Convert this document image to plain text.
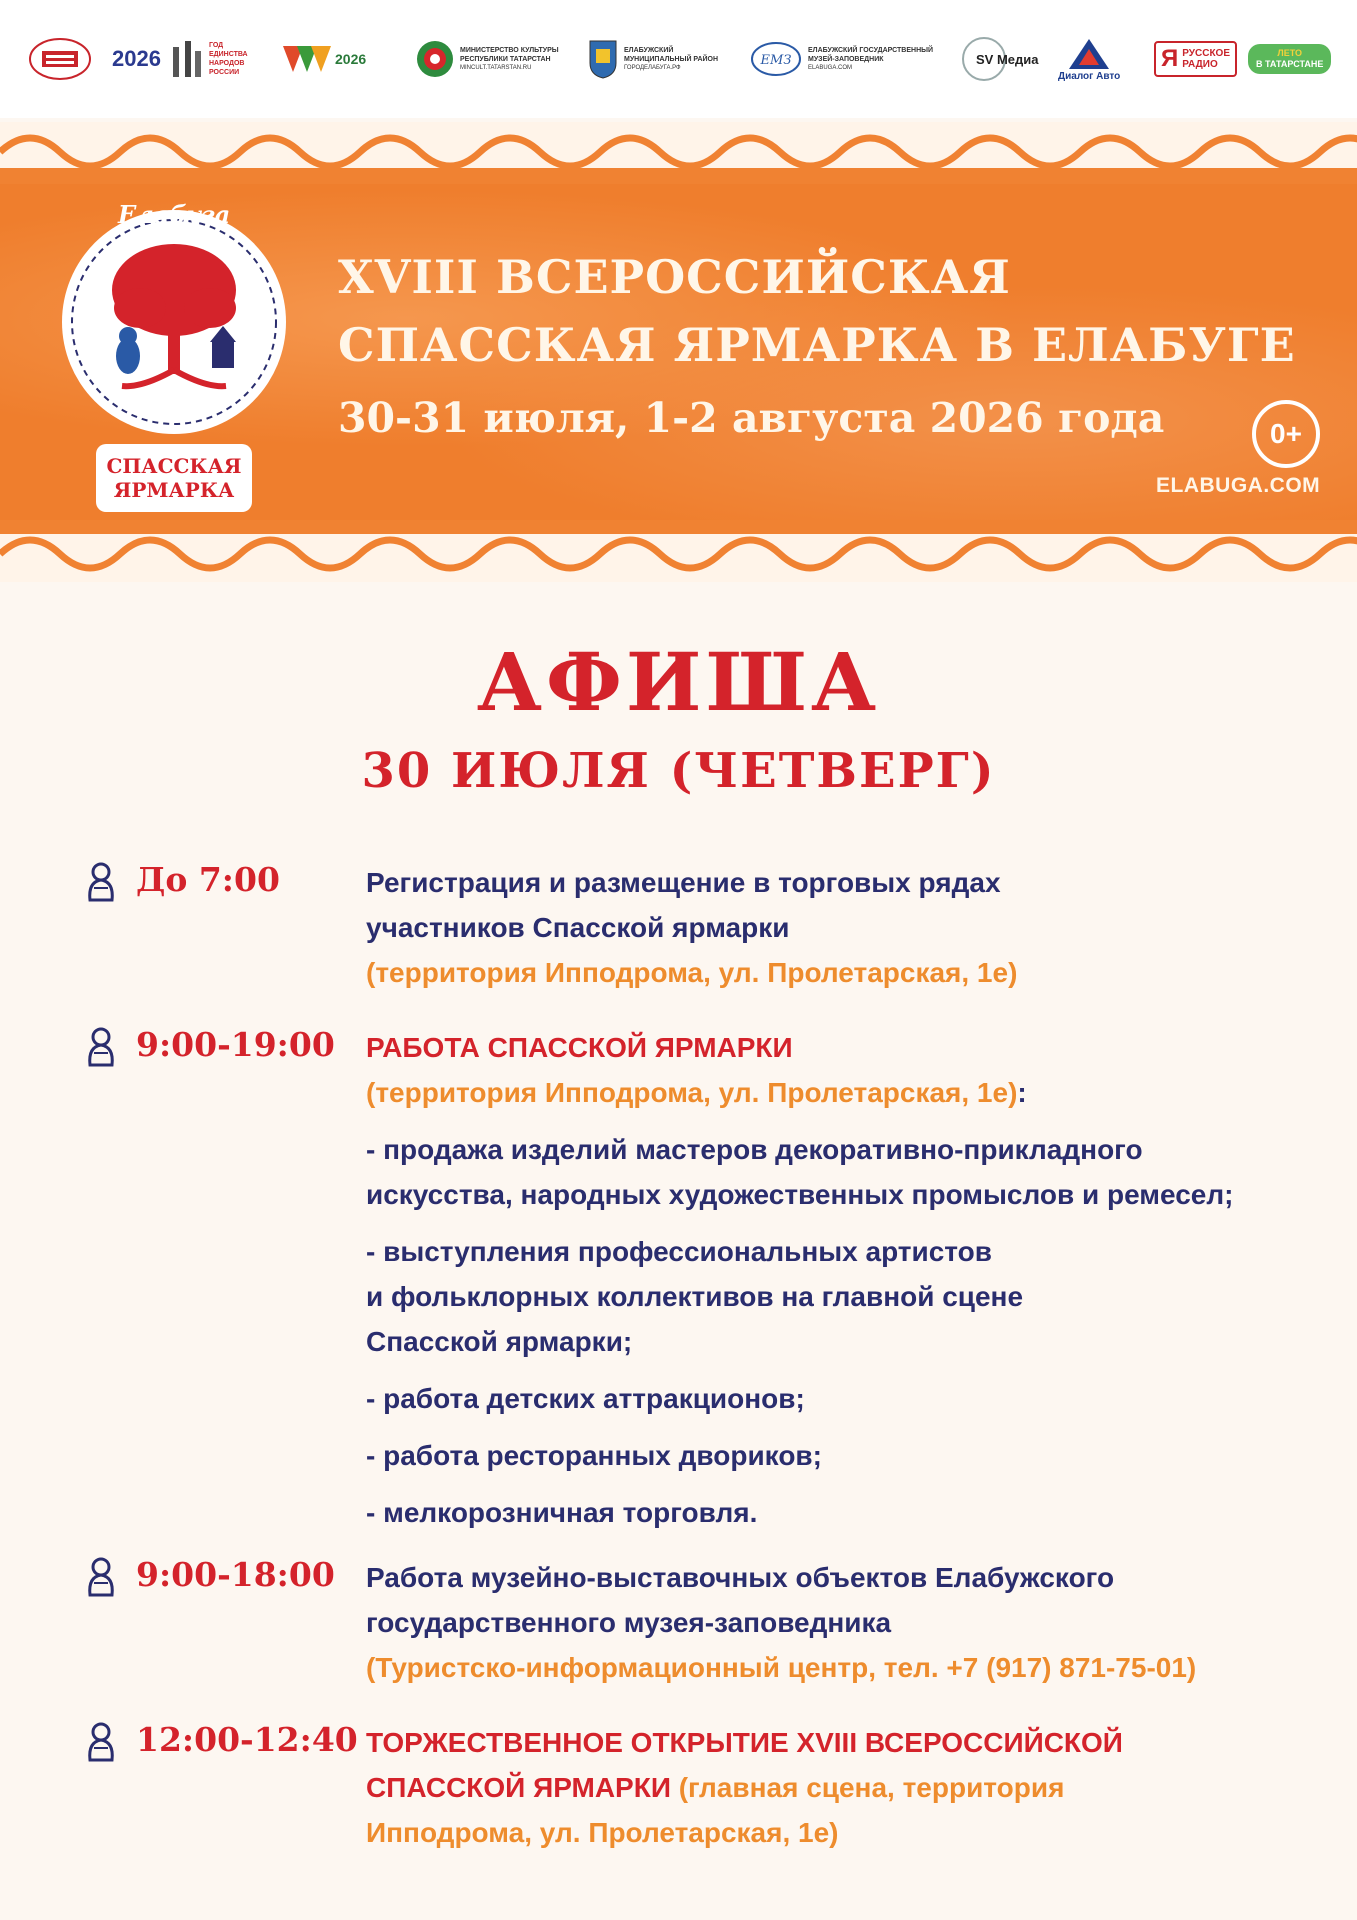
2026
ГОД ЕДИНСТВА НАРОДОВ РОССИИ
2026
МИНИСТЕРСТВО КУЛЬТУРЫ
РЕСПУБЛИКИ ТАТАРСТАН
MINCULT.TATARSTAN.RU
ЕЛАБУЖСКИЙ
МУНИЦИПАЛЬНЫЙ РАЙОН
ГОРОДЕЛАБУГА.РФ	ЕМЗ
ЕЛАБУЖСКИЙ ГОСУДАРСТВЕННЫЙ
МУЗЕЙ-ЗАПОВЕДНИК
ELABUGA.COM
SV Медиа
Диалог Авто
Я РУССКОЕ
РАДИО
ЛЕТО
В ТАТАРСТАНЕ
Елабуга
СПАССКАЯ
ЯРМАРКА
XVIII ВСЕРОССИЙСКАЯ
СПАССКАЯ ЯРМАРКА В ЕЛАБУГЕ
30-31 июля, 1-2 августа 2026 года	0+
ELABUGA.COM
АФИША
30 ИЮЛЯ (ЧЕТВЕРГ)
До 7:00	Регистрация и размещение в торговых рядах
участников Спасской ярмарки
(территория Ипподрома, ул. Пролетарская, 1е)
9:00-19:00 РАБОТА СПАССКОЙ ЯРМАРКИ
(территория Ипподрома, ул. Пролетарская, 1е):
- продажа изделий мастеров декоративно-прикладного
искусства, народных художественных промыслов и ремесел;
- выступления профессиональных артистов
и фольклорных коллективов на главной сцене
Спасской ярмарки;
- работа детских аттракционов;
- работа ресторанных двориков;
- мелкорозничная торговля.
9:00-18:00 Работа музейно-выставочных объектов Елабужского
государственного музея-заповедника
(Туристско-информационный центр, тел. +7 (917) 871-75-01)
12:00-12:40 ТОРЖЕСТВЕННОЕ ОТКРЫТИЕ XVIII ВСЕРОССИЙСКОЙ
СПАССКОЙ ЯРМАРКИ (главная сцена, территория
Ипподрома, ул. Пролетарская, 1е)
